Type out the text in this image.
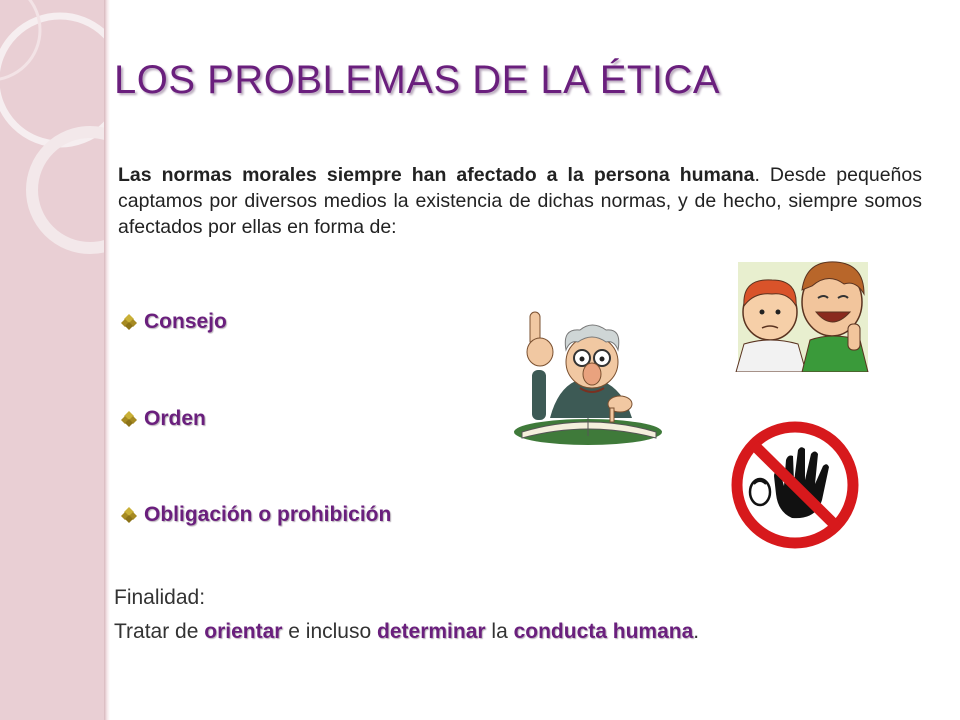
LOS PROBLEMAS DE LA ÉTICA

Las normas morales siempre han afectado a la persona humana. Desde pequeños captamos por diversos medios la existencia de dichas normas, y de hecho, siempre somos afectados por ellas en forma de:

Consejo
Orden
Obligación o prohibición
Finalidad:
Tratar de orientar e incluso determinar la conducta humana.
